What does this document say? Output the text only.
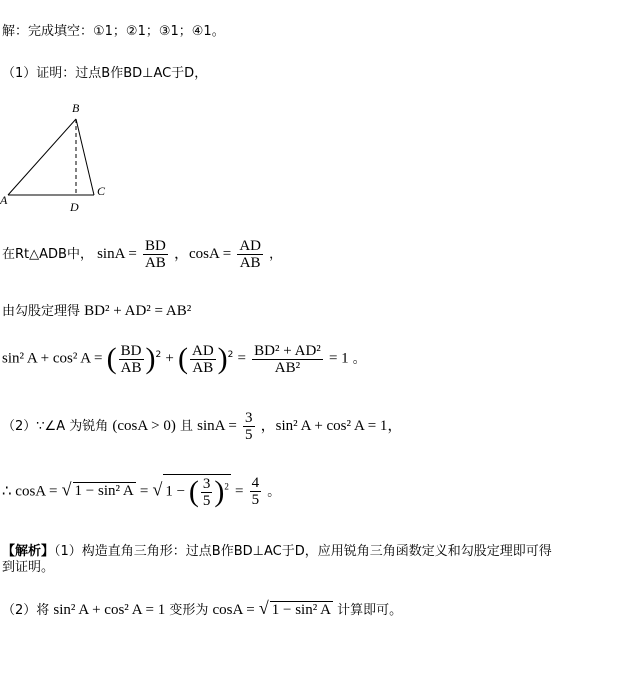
解：完成填空：①1；②1；③1；④1。
（1）证明：过点B作BD⊥AC于D，
B
A	D
C
在Rt△ADB中， $\sin A = \frac{BD}{AB}$ ，$\cos A = \frac{AD}{AB}$ ，
由勾股定理得 BD² + AD² = AB²
sin² A + cos² A = ( $\frac{BD}{AB} )^2$ + ( $\frac{AD}{AB} )^2 = \frac{\text{BD² + AD²}}{\text{AB²}} = 1$ 。
（2）∵∠A 为锐角 (cosA > 0) 且 $\sin A = \frac{3}{5}$ ，sin² A + cos² A = 1，
∴ cosA = √ 1 − sin² A = √ 1 − ( $\frac{3}{5} )^2 = \frac{4}{5}$ 。
【解析】（1）构造直角三角形：过点B作BD⊥AC于D，应用锐角三角函数定义和勾股定理即可得
到证明。
（2）将 sin² A + cos² A = 1 变形为 cosA = √ 1 − sin² A 计算即可。
